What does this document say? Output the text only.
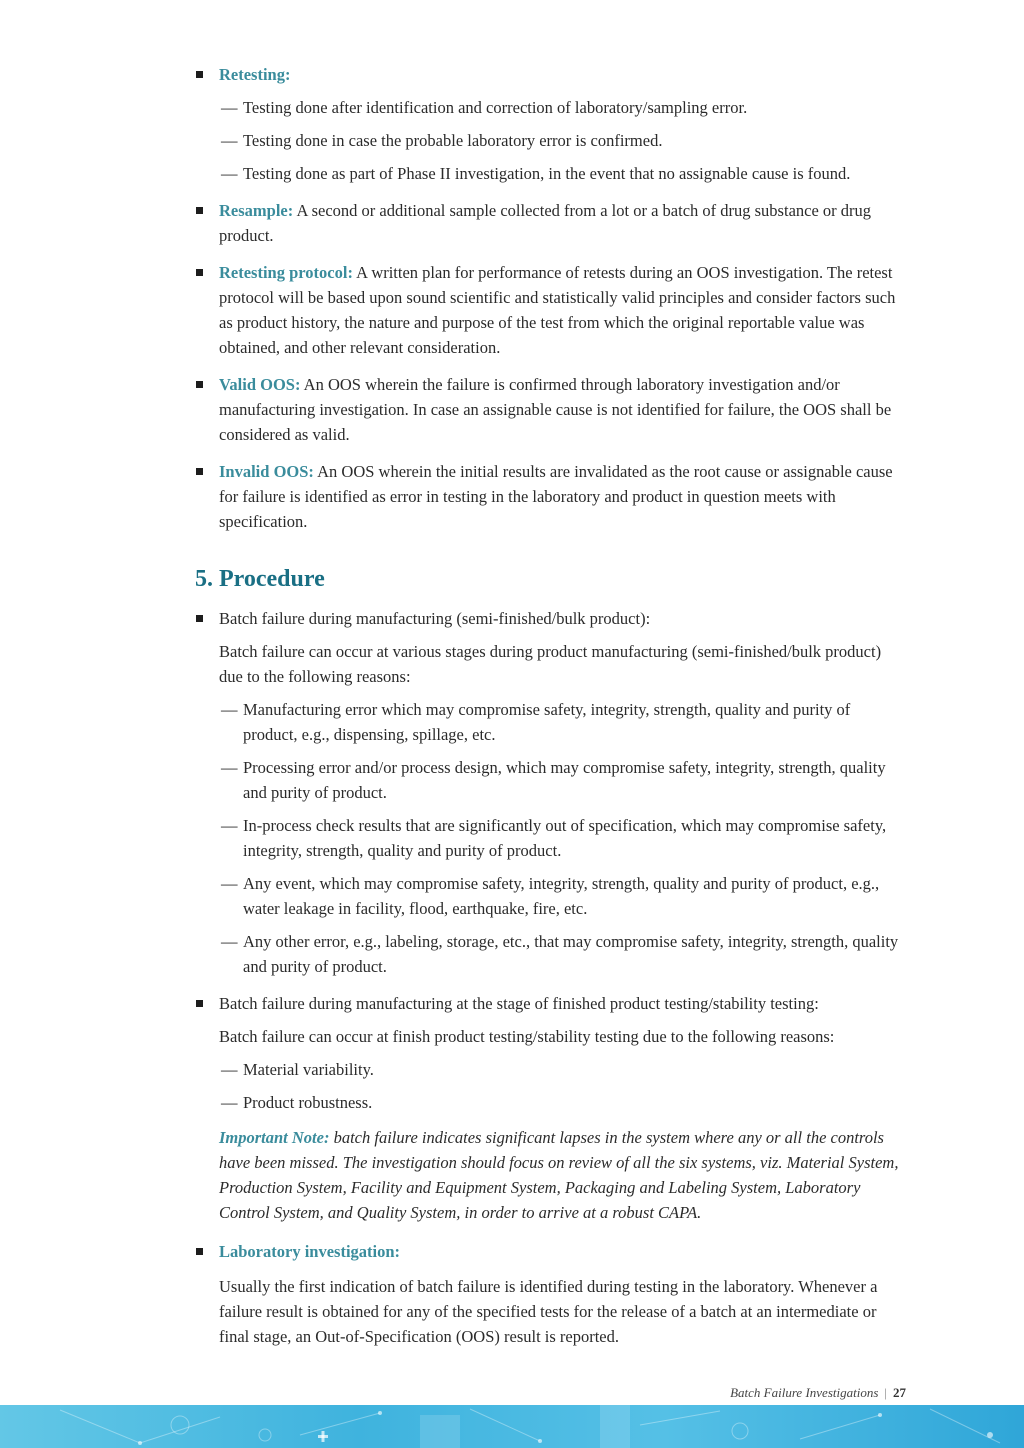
Retesting:
— Testing done after identification and correction of laboratory/sampling error.
— Testing done in case the probable laboratory error is confirmed.
— Testing done as part of Phase II investigation, in the event that no assignable cause is found.
Resample: A second or additional sample collected from a lot or a batch of drug substance or drug product.
Retesting protocol: A written plan for performance of retests during an OOS investigation. The retest protocol will be based upon sound scientific and statistically valid principles and consider factors such as product history, the nature and purpose of the test from which the original reportable value was obtained, and other relevant consideration.
Valid OOS: An OOS wherein the failure is confirmed through laboratory investigation and/or manufacturing investigation. In case an assignable cause is not identified for failure, the OOS shall be considered as valid.
Invalid OOS: An OOS wherein the initial results are invalidated as the root cause or assignable cause for failure is identified as error in testing in the laboratory and product in question meets with specification.
5. Procedure
Batch failure during manufacturing (semi-finished/bulk product):
Batch failure can occur at various stages during product manufacturing (semi-finished/bulk product) due to the following reasons:
— Manufacturing error which may compromise safety, integrity, strength, quality and purity of product, e.g., dispensing, spillage, etc.
— Processing error and/or process design, which may compromise safety, integrity, strength, quality and purity of product.
— In-process check results that are significantly out of specification, which may compromise safety, integrity, strength, quality and purity of product.
— Any event, which may compromise safety, integrity, strength, quality and purity of product, e.g., water leakage in facility, flood, earthquake, fire, etc.
— Any other error, e.g., labeling, storage, etc., that may compromise safety, integrity, strength, quality and purity of product.
Batch failure during manufacturing at the stage of finished product testing/stability testing:
Batch failure can occur at finish product testing/stability testing due to the following reasons:
— Material variability.
— Product robustness.
Important Note: batch failure indicates significant lapses in the system where any or all the controls have been missed. The investigation should focus on review of all the six systems, viz. Material System, Production System, Facility and Equipment System, Packaging and Labeling System, Laboratory Control System, and Quality System, in order to arrive at a robust CAPA.
Laboratory investigation:
Usually the first indication of batch failure is identified during testing in the laboratory. Whenever a failure result is obtained for any of the specified tests for the release of a batch at an intermediate or final stage, an Out-of-Specification (OOS) result is reported.
Batch Failure Investigations | 27
